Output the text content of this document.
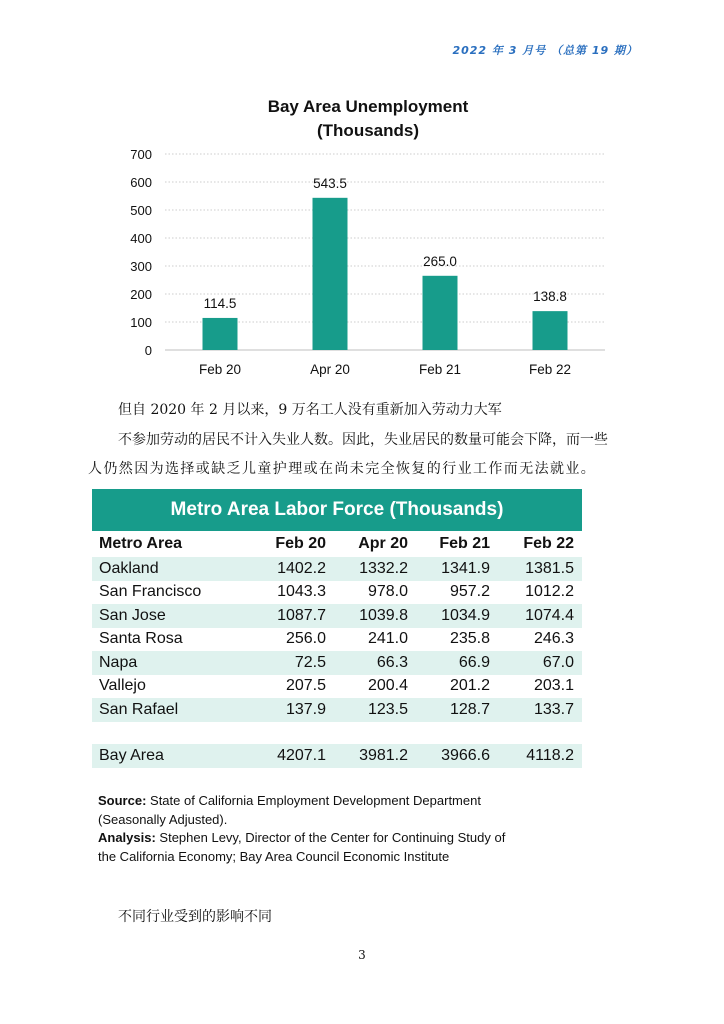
2022 年 3 月号 （总第 19 期）
Bay Area Unemployment
(Thousands)
0
100
200
300
400
500
600
700
114.5
Feb 20
543.5
Apr 20
265.0
Feb 21
138.8
Feb 22
但自 2020 年 2 月以来，9 万名工人没有重新加入劳动力大军
不参加劳动的居民不计入失业人数。因此，失业居民的数量可能会下降，而一些
人仍然因为选择或缺乏儿童护理或在尚未完全恢复的行业工作而无法就业。
Metro Area Labor Force (Thousands)
Metro Area	Feb 20	Apr 20	Feb 21	Feb 22
Oakland	1402.2	1332.2	1341.9	1381.5
San Francisco	1043.3	978.0	957.2	1012.2
San Jose	1087.7	1039.8	1034.9	1074.4
Santa Rosa	256.0	241.0	235.8	246.3
Napa	72.5	66.3	66.9	67.0
Vallejo	207.5	200.4	201.2	203.1
San Rafael	137.9	123.5	128.7	133.7

Bay Area	4207.1	3981.2	3966.6	4118.2
Source: State of California Employment Development Department (Seasonally Adjusted).
Analysis: Stephen Levy, Director of the Center for Continuing Study of the California Economy; Bay Area Council Economic Institute
不同行业受到的影响不同
3
